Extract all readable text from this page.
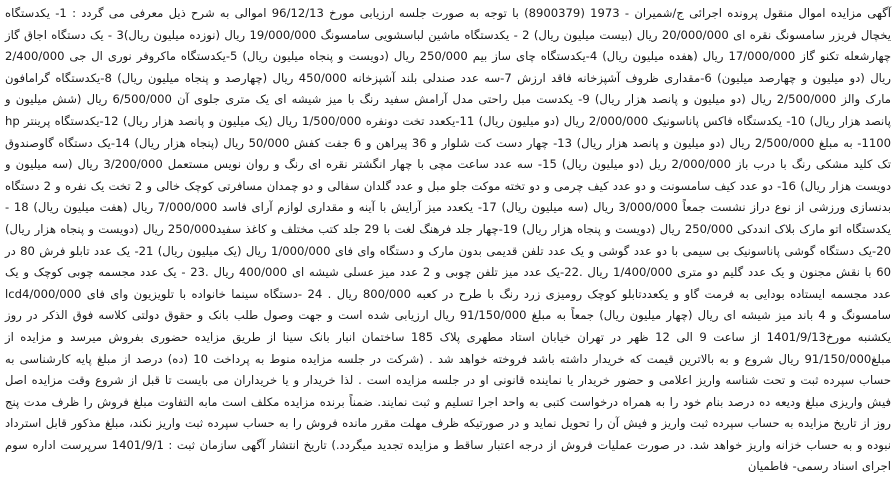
آگهی مزایده اموال منقول پرونده اجرائی ج/شمیران - 1973 (8900379) با توجه به صورت جلسه ارزیابی مورخ 96/12/13 اموالی به شرح ذیل معرفی می گردد : 1- یکدستگاه یخچال فریزر سامسونگ نقره ای 20/000/000 ریال (بیست میلیون ریال) 2 - یکدستگاه ماشین لباسشویی سامسونگ 19/000/000 ریال (نوزده میلیون ریال)3 - یک دستگاه اجاق گاز چهارشعله تکنو گاز 17/000/000 ریال (هفده میلیون ریال) 4-یکدستگاه چای ساز بیم 250/000 ریال (دویست و پنجاه میلیون ریال) 5-یکدستگاه ماکروفر نوری ال جی 2/400/000 ریال (دو میلیون و چهارصد میلیون) 6-مقداری ظروف آشپزخانه فاقد ارزش 7-سه عدد صندلی بلند آشپزخانه 450/000 ریال (چهارصد و پنجاه میلیون ریال) 8-یکدستگاه گرامافون مارک والز 2/500/000 ریال (دو میلیون و پانصد هزار ریال) 9- یکدست مبل راحتی مدل آرامش سفید رنگ با میز شیشه ای یک متری جلوی آن 6/500/000 ریال (شش میلیون و پانصد هزار ریال) 10- یکدستگاه فاکس پاناسونیک 2/000/000 ریال (دو میلیون ریال) 11-یکعدد تخت دونفره 1/500/000 ریال (یک میلیون و پانصد هزار ریال) 12-یکدستگاه پرینتر hp 1100- به مبلغ 2/500/000 ریال (دو میلیون و پانصد هزار ریال) 13- چهار دست کت شلوار و 36 پیراهن و 6 جفت کفش 50/000 ریال (پنجاه هزار ریال) 14-یک دستگاه گاوصندوق تک کلید مشکی رنگ با درب باز 2/000/000 ریل (دو میلیون ریال) 15- سه عدد ساعت مچی با چهار انگشتر نقره ای رنگ و روان نویس مستعمل 3/200/000 ریال (سه میلیون و دویست هزار ریال) 16- دو عدد کیف سامسونت و دو عدد کیف چرمی و دو تخته موکت جلو مبل و عدد گلدان سفالی و دو چمدان مسافرتی کوچک خالی و 2 تخت یک نفره و 2 دستگاه بدنسازی ورزشی از نوع دراز نشست جمعاً 3/000/000 ریال (سه میلیون ریال) 17- یکعدد میز آرایش با آینه و مقداری لوازم آرای فاسد 7/000/000 ریال (هفت میلیون ریال) 18 - یکدستگاه اتو مارک بلاک انددکی 250/000 ریال (دویست و پنجاه هزار ریال) 19-چهار جلد فرهنگ لغت با 29 جلد کتب مختلف و کاغذ سفید250/000 ریال (دویست و پنجاه هزار ریال) 20-یک دستگاه گوشی پاناسونیک بی سیمی با دو عدد گوشی و یک عدد تلفن قدیمی بدون مارک و دستگاه وای فای 1/000/000 ریال (یک میلیون ریال) 21- یک عدد تابلو فرش 80 در 60 با نقش مجنون و یک عدد گلیم دو متری 1/400/000 ریال .22-یک عدد میز تلفن چوبی و 2 عدد میز عسلی شیشه ای 400/000 ریال .23 - یک عدد مجسمه چوبی کوچک و یک عدد مجسمه ایستاده بودایی به فرمت گاو و یکعددتابلو کوچک روميزی زرد رنگ با طرح در کعبه 800/000 ریال . 24 -دستگاه سینما خانواده با تلویزیون وای فای lcd4/000/000 سامسونگ و 4 باند میز شیشه ای ریال (چهار میلیون ریال) جمعاً به مبلغ 91/150/000 ریال ارزیابی شده است و جهت وصول طلب بانک و حقوق دولتی کلاسه فوق الذکر در روز یکشنبه مورخ1401/9/13 از ساعت 9 الی 12 ظهر در تهران خیابان استاد مطهری پلاک 185 ساختمان انبار بانک سینا از طریق مزایده حضوری بفروش میرسد و مزایده از مبلغ91/150/000 ریال شروع و به بالاترین قیمت که خریدار داشته باشد فروخته خواهد شد . (شرکت در جلسه مزایده منوط به پرداخت 10 (ده) درصد از مبلغ پایه کارشناسی به حساب سپرده ثبت و تحت شناسه واریز اعلامی و حضور خریدار یا نماینده قانونی او در جلسه مزایده است . لذا خریدار و یا خریداران می بایست تا قبل از شروع وقت مزایده اصل فیش واریزی مبلغ ودیعه ده درصد بنام خود را به همراه درخواست کتبی به واحد اجرا تسلیم و ثبت نمایند. ضمناً برنده مزایده مکلف است مابه التفاوت مبلغ فروش را ظرف مدت پنج روز از تاریخ مزایده به حساب سپرده ثبت واریز و فیش آن را تحویل نماید و در صورتیکه ظرف مهلت مقرر مانده فروش را به حساب سپرده ثبت واریز نکند، مبلغ مذکور قابل استرداد نبوده و به حساب خزانه واریز خواهد شد. در صورت عملیات فروش از درجه اعتبار ساقط و مزایده تجدید میگردد.) تاریخ انتشار آگهی سازمان ثبت : 1401/9/1 سرپرست اداره سوم اجرای اسناد رسمی- فاطمیان
